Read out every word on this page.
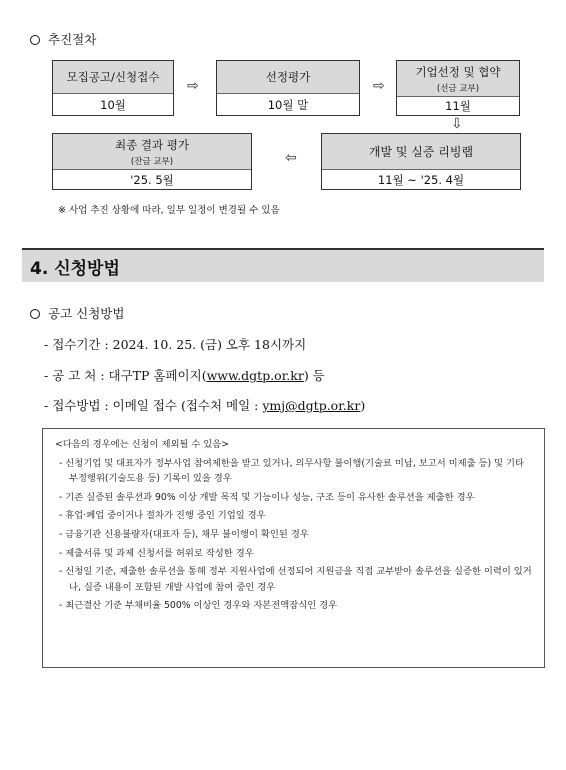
추진절차
모집공고/신청접수
10월
⇨
선정평가
10월 말
⇨
기업선정 및 협약
(선금 교부)
11월
⇩
최종 결과 평가
(잔금 교부)
'25. 5월
⇦	개발 및 실증 리빙랩
11월 ~ '25. 4월
※ 사업 추진 상황에 따라, 일부 일정이 변경될 수 있음
4. 신청방법
공고 신청방법
- 접수기간 : 2024. 10. 25. (금) 오후 18시까지
- 공 고 처 : 대구TP 홈페이지(www.dgtp.or.kr) 등
- 접수방법 : 이메일 접수 (접수처 메일 : ymj@dgtp.or.kr)
<다음의 경우에는 신청이 제외될 수 있음>
- 신청기업 및 대표자가 정부사업 참여제한을 받고 있거나, 의무사항 불이행(기술료 미납, 보고서 미제출 등) 및 기타 부정행위(기술도용 등) 기록이 있을 경우
- 기존 실증된 솔루션과 90% 이상 개발 목적 및 기능이나 성능, 구조 등이 유사한 솔루션을 제출한 경우
- 휴업·폐업 중이거나 절차가 진행 중인 기업일 경우
- 금융기관 신용불량자(대표자 등), 채무 불이행이 확인된 경우
- 제출서류 및 과제 신청서를 허위로 작성한 경우
- 신청일 기준, 제출한 솔루션을 통해 정부 지원사업에 선정되어 지원금을 직접 교부받아 솔루션을 실증한 이력이 있거나, 실증 내용이 포함된 개발 사업에 참여 중인 경우
- 최근결산 기준 부채비율 500% 이상인 경우와 자본전액잠식인 경우
